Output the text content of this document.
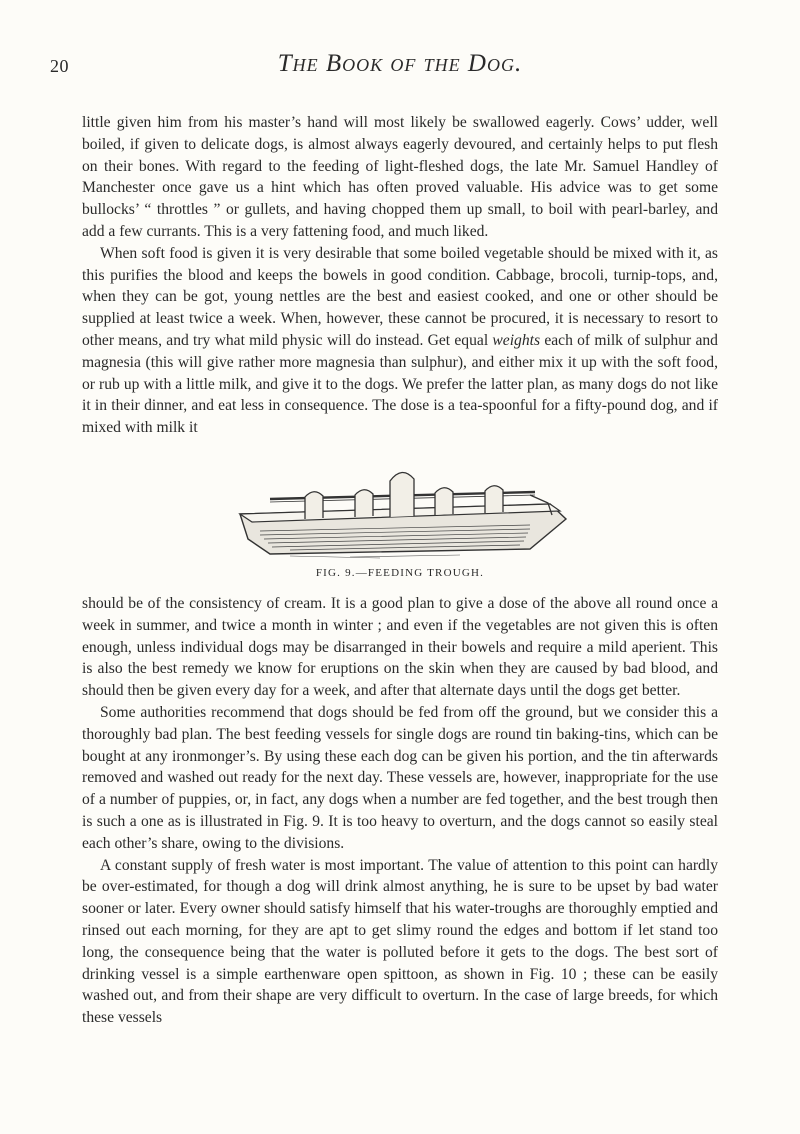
20	The Book of the Dog.

little given him from his master’s hand will most likely be swallowed eagerly. Cows’ udder, well boiled, if given to delicate dogs, is almost always eagerly devoured, and certainly helps to put flesh on their bones. With regard to the feeding of light-fleshed dogs, the late Mr. Samuel Handley of Manchester once gave us a hint which has often proved valuable. His advice was to get some bullocks’ “ throttles ” or gullets, and having chopped them up small, to boil with pearl-barley, and add a few currants. This is a very fattening food, and much liked.

When soft food is given it is very desirable that some boiled vegetable should be mixed with it, as this purifies the blood and keeps the bowels in good condition. Cabbage, brocoli, turnip-tops, and, when they can be got, young nettles are the best and easiest cooked, and one or other should be supplied at least twice a week. When, however, these cannot be procured, it is necessary to resort to other means, and try what mild physic will do instead. Get equal weights each of milk of sulphur and magnesia (this will give rather more magnesia than sulphur), and either mix it up with the soft food, or rub up with a little milk, and give it to the dogs. We prefer the latter plan, as many dogs do not like it in their dinner, and eat less in consequence. The dose is a tea-spoonful for a fifty-pound dog, and if mixed with milk it

FIG. 9.—FEEDING TROUGH.

should be of the consistency of cream. It is a good plan to give a dose of the above all round once a week in summer, and twice a month in winter ; and even if the vegetables are not given this is often enough, unless individual dogs may be disarranged in their bowels and require a mild aperient. This is also the best remedy we know for eruptions on the skin when they are caused by bad blood, and should then be given every day for a week, and after that alternate days until the dogs get better.

Some authorities recommend that dogs should be fed from off the ground, but we consider this a thoroughly bad plan. The best feeding vessels for single dogs are round tin baking-tins, which can be bought at any ironmonger’s. By using these each dog can be given his portion, and the tin afterwards removed and washed out ready for the next day. These vessels are, however, inappropriate for the use of a number of puppies, or, in fact, any dogs when a number are fed together, and the best trough then is such a one as is illustrated in Fig. 9. It is too heavy to overturn, and the dogs cannot so easily steal each other’s share, owing to the divisions.

A constant supply of fresh water is most important. The value of attention to this point can hardly be over-estimated, for though a dog will drink almost anything, he is sure to be upset by bad water sooner or later. Every owner should satisfy himself that his water-troughs are thoroughly emptied and rinsed out each morning, for they are apt to get slimy round the edges and bottom if let stand too long, the consequence being that the water is polluted before it gets to the dogs. The best sort of drinking vessel is a simple earthenware open spittoon, as shown in Fig. 10 ; these can be easily washed out, and from their shape are very difficult to overturn. In the case of large breeds, for which these vessels
